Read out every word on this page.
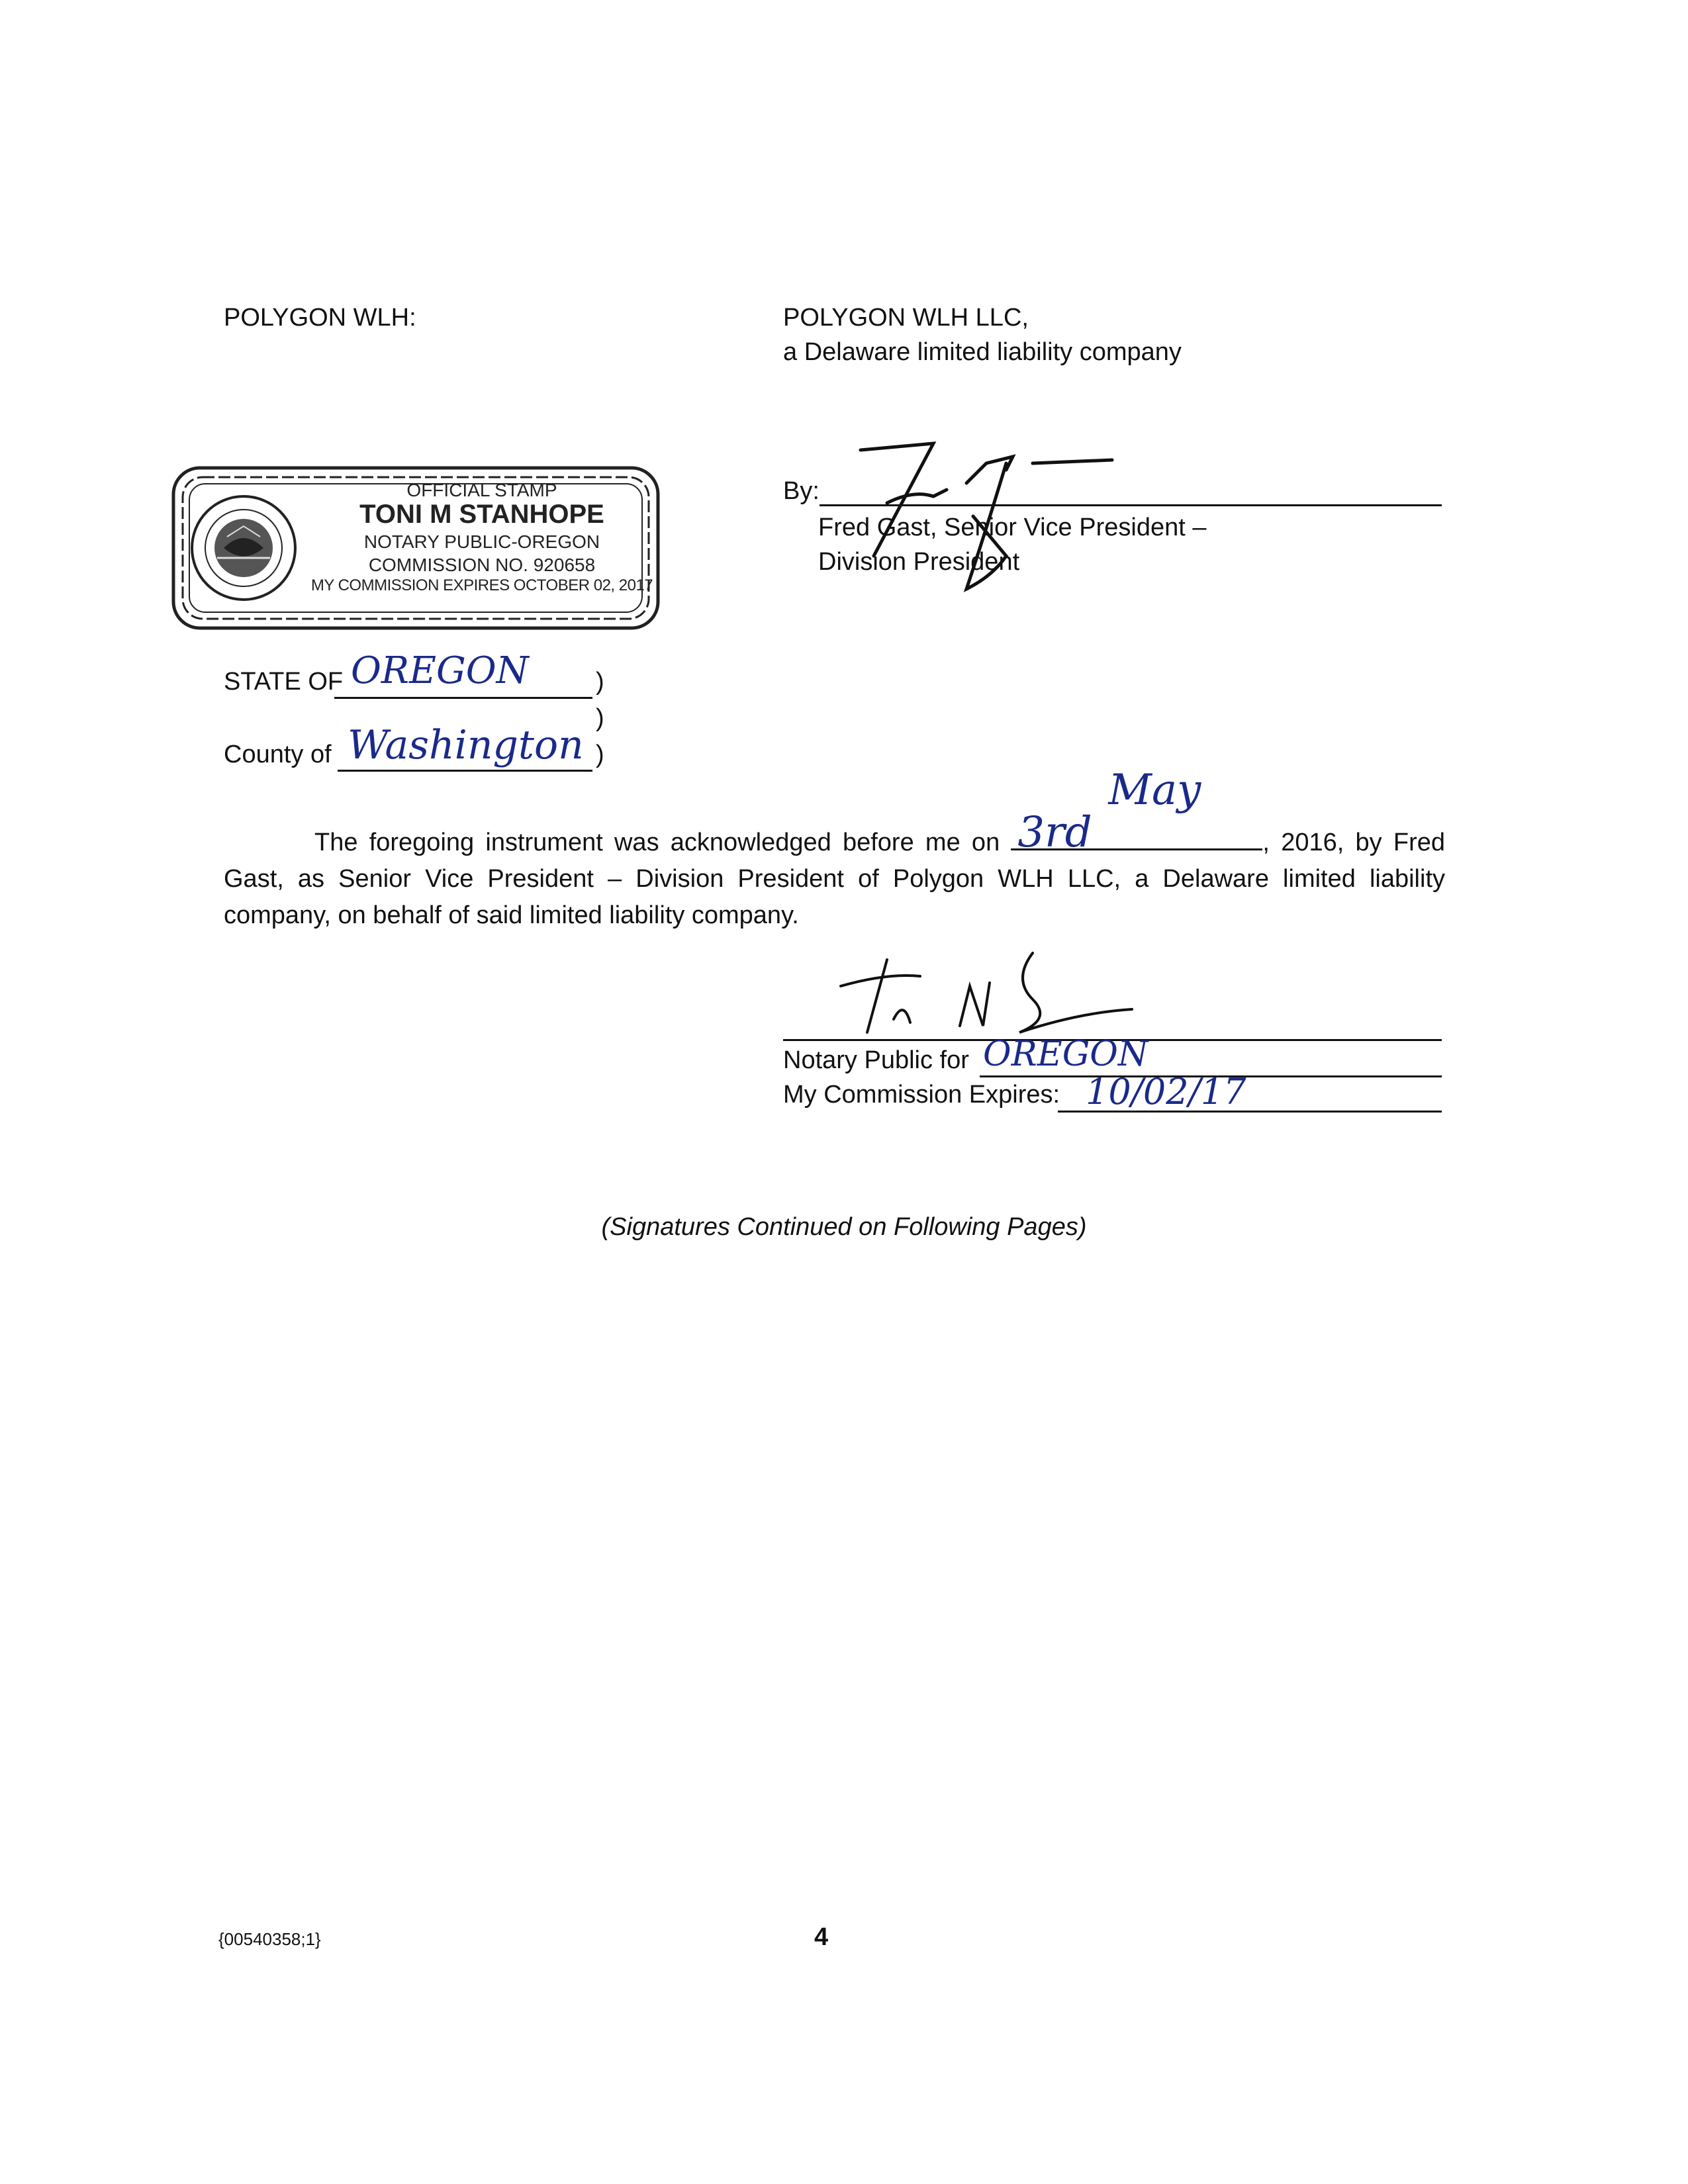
POLYGON WLH:	POLYGON WLH LLC,
a Delaware limited liability company
OFFICIAL STAMP
TONI M STANHOPE
NOTARY PUBLIC-OREGON
COMMISSION NO. 920658
MY COMMISSION EXPIRES OCTOBER 02, 2017
By:
Fred Gast, Senior Vice President –
Division President
STATE OF OREGON	)
)
County of Washington )
The foregoing instrument was acknowledged before me on
May 3rd	, 2016, by Fred Gast, as Senior Vice President – Division President of Polygon WLH LLC, a Delaware limited liability company, on behalf of said limited liability company.
Notary Public for OREGON
My Commission Expires: 10/02/17
(Signatures Continued on Following Pages)
{00540358;1}	4
